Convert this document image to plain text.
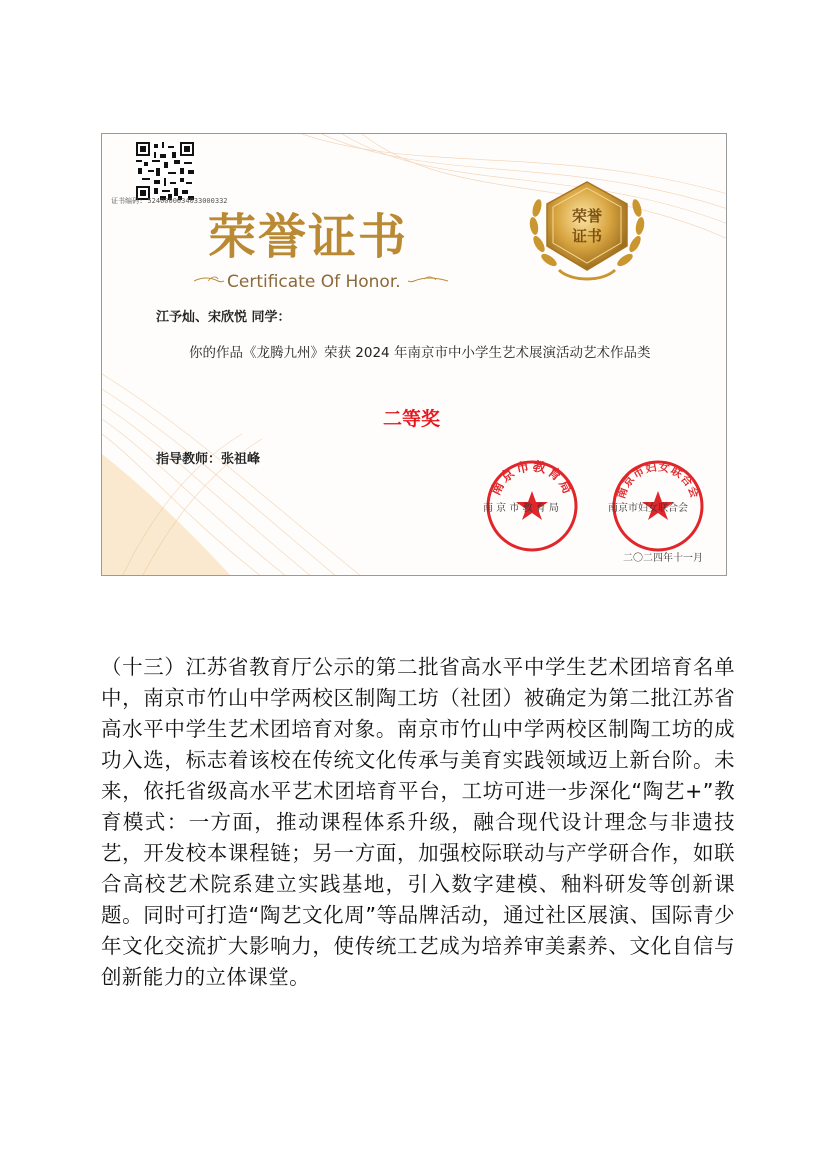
证书编码: 5240000034033000332
荣誉证书
Certificate Of Honor.
荣誉
证书
江予灿、宋欣悦 同学：
你的作品《龙腾九州》荣获 2024 年南京市中小学生艺术展演活动艺术作品类
二等奖
指导教师：张祖峰
南京市教育局
南 京 市 教 育 局
南京市妇女联合会
南京市妇女联合会
二〇二四年十一月
（十三）江苏省教育厅公示的第二批省高水平中学生艺术团培育名单中，南京市竹山中学两校区制陶工坊（社团）被确定为第二批江苏省高水平中学生艺术团培育对象。南京市竹山中学两校区制陶工坊的成功入选，标志着该校在传统文化传承与美育实践领域迈上新台阶。未来，依托省级高水平艺术团培育平台，工坊可进一步深化“陶艺+”教育模式：一方面，推动课程体系升级，融合现代设计理念与非遗技艺，开发校本课程链；另一方面，加强校际联动与产学研合作，如联合高校艺术院系建立实践基地，引入数字建模、釉料研发等创新课题。同时可打造“陶艺文化周”等品牌活动，通过社区展演、国际青少年文化交流扩大影响力，使传统工艺成为培养审美素养、文化自信与创新能力的立体课堂。
